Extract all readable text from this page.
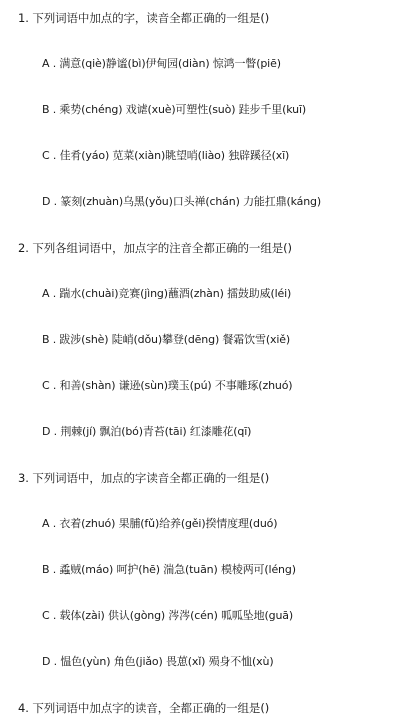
1. 下列词语中加点的字，读音全都正确的一组是()
A . 满意(qiè)静谧(bì)伊甸园(diàn) 惊鸿一瞥(piē)
B . 乘势(chéng) 戏谑(xuè)可塑性(suò) 跬步千里(kuī)
C . 佳肴(yáo) 苋菜(xiàn)眺望哨(liào) 独辟蹊径(xī)
D . 篆刻(zhuàn)乌黑(yǒu)口头禅(chán) 力能扛鼎(káng)
2. 下列各组词语中，加点字的注音全都正确的一组是()
A . 踹水(chuài)竞赛(jìng)蘸酒(zhàn) 擂鼓助威(léi)
B . 跋涉(shè) 陡峭(dǒu)攀登(dēng) 餐霜饮雪(xiě)
C . 和善(shàn) 谦逊(sùn)璞玉(pú) 不事雕琢(zhuó)
D . 荆棘(jí) 飘泊(bó)青苔(tāi) 红漆雕花(qī)
3. 下列词语中，加点的字读音全都正确的一组是()
A . 衣着(zhuó) 果脯(fǔ)给养(gěi)揆情度理(duó)
B . 蟊贼(máo) 呵护(hē) 湍急(tuān) 模棱两可(léng)
C . 载体(zài) 供认(gòng) 涔涔(cén) 呱呱坠地(guā)
D . 愠色(yùn) 角色(jiǎo) 畏葸(xǐ) 殒身不恤(xù)
4. 下列词语中加点字的读音，全都正确的一组是()
